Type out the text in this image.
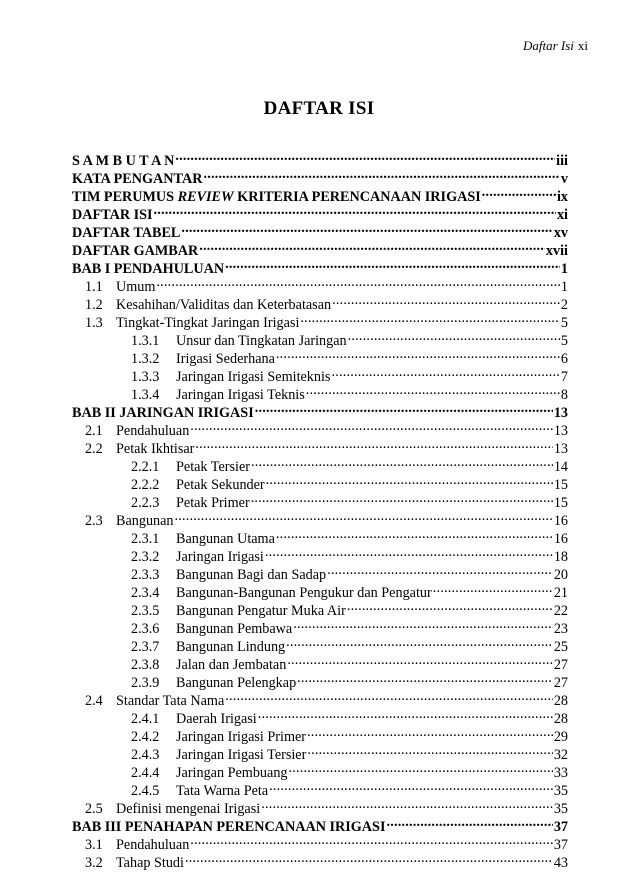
Daftar Isi xi
DAFTAR ISI
S A M B U T A N .....	iii
KATA PENGANTAR .....	v
TIM PERUMUS REVIEW KRITERIA PERENCANAAN IRIGASI .....	ix
DAFTAR ISI .....	xi
DAFTAR TABEL .....	xv
DAFTAR GAMBAR .....	xvii
BAB I PENDAHULUAN .....	1
1.1 Umum .....	1
1.2 Kesahihan/Validitas dan Keterbatasan .....	2
1.3 Tingkat-Tingkat Jaringan Irigasi .....	5
1.3.1	Unsur dan Tingkatan Jaringan .....	5
1.3.2	Irigasi Sederhana .....	6
1.3.3	Jaringan Irigasi Semiteknis .....	7
1.3.4	Jaringan Irigasi Teknis .....	8
BAB II JARINGAN IRIGASI .....	13
2.1 Pendahuluan .....	13
2.2 Petak Ikhtisar .....	13
2.2.1	Petak Tersier .....	14
2.2.2	Petak Sekunder .....	15
2.2.3	Petak Primer .....	15
2.3 Bangunan .....	16
2.3.1	Bangunan Utama .....	16
2.3.2	Jaringan Irigasi .....	18
2.3.3	Bangunan Bagi dan Sadap .....	20
2.3.4	Bangunan-Bangunan Pengukur dan Pengatur .....	21
2.3.5	Bangunan Pengatur Muka Air .....	22
2.3.6	Bangunan Pembawa .....	23
2.3.7	Bangunan Lindung .....	25
2.3.8	Jalan dan Jembatan .....	27
2.3.9	Bangunan Pelengkap .....	27
2.4 Standar Tata Nama .....	28
2.4.1	Daerah Irigasi .....	28
2.4.2	Jaringan Irigasi Primer .....	29
2.4.3	Jaringan Irigasi Tersier .....	32
2.4.4	Jaringan Pembuang .....	33
2.4.5	Tata Warna Peta .....	35
2.5 Definisi mengenai Irigasi .....	35
BAB III PENAHAPAN PERENCANAAN IRIGASI .....	37
3.1 Pendahuluan .....	37
3.2 Tahap Studi .....	43
